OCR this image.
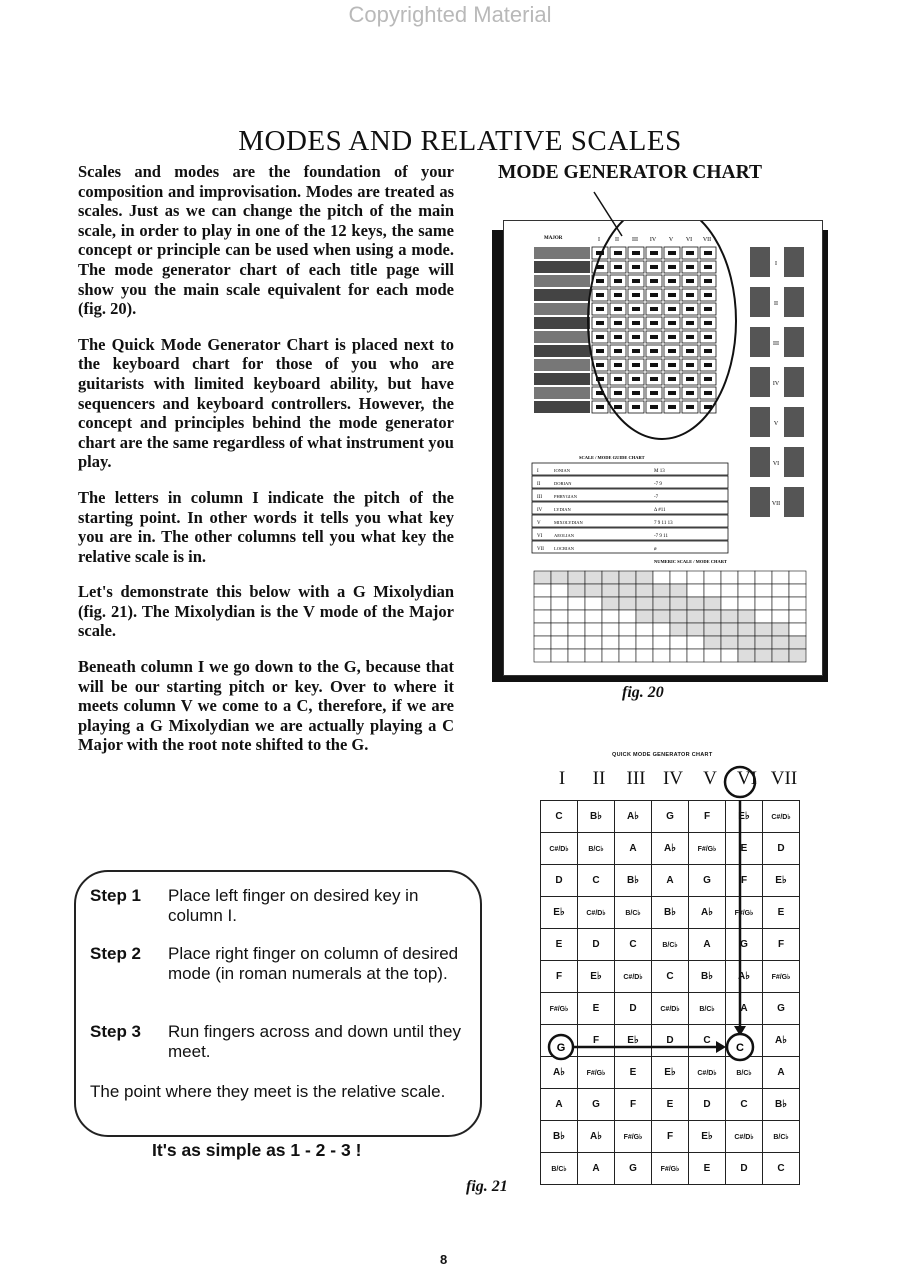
Copyrighted Material
MODES AND RELATIVE SCALES

Scales and modes are the foundation of your composition and improvisation. Modes are treated as scales. Just as we can change the pitch of the main scale, in order to play in one of the 12 keys, the same concept or principle can be used when using a mode. The mode generator chart of each title page will show you the main scale equivalent for each mode (fig. 20).

The Quick Mode Generator Chart is placed next to the keyboard chart for those of you who are guitarists with limited keyboard ability, but have sequencers and keyboard controllers. However, the concept and principles behind the mode generator chart are the same regardless of what instrument you play.

The letters in column I indicate the pitch of the starting point. In other words it tells you what key you are in. The other columns tell you what key the relative scale is in.

Let's demonstrate this below with a G Mixolydian (fig. 21). The Mixolydian is the V mode of the Major scale.

Beneath column I we go down to the G, because that will be our starting pitch or key. Over to where it meets column V we come to a C, therefore, if we are playing a G Mixolydian we are actually playing a C Major with the root note shifted to the G.

MODE GENERATOR CHART
MAJOR	I	II III IV V VI VII
SCALE / MODE GUIDE CHART
I	IONIAN	M 13
II	DORIAN	-7 9
III	PHRYGIAN	-7
IV	LYDIAN	Δ #11
V	MIXOLYDIAN	7 9 11 13
VI	AEOLIAN	-7 9 11
VII LOCRIAN	ø
NUMERIC SCALE / MODE CHART
I
II
III
IV
V
VI
VII
fig. 20
Step 1 Place left finger on desired key in column I.
Step 2 Place right finger on column of desired mode (in roman numerals at the top).
Step 3 Run fingers across and down until they meet.
The point where they meet is the relative scale.
It's as simple as 1 - 2 - 3 !
QUICK MODE GENERATOR CHART
I	II	III IV	V	VI VII
C	B♭	A♭	G	F	E♭	C#/D♭
C#/D♭	B/C♭	A	A♭	F#/G♭	E	D
D	C	B♭	A	G	F	E♭
E♭	C#/D♭	B/C♭	B♭	A♭	F#/G♭	E
E	D	C	B/C♭	A	G	F
F	E♭	C#/D♭	C	B♭	A♭	F#/G♭
F#/G♭	E	D	C#/D♭	B/C♭	A	G
	F	E♭	D	C		A♭
A♭	F#/G♭	E	E♭	C#/D♭	B/C♭	A
A	G	F	E	D	C	B♭
B♭	A♭	F#/G♭	F	E♭	C#/D♭	B/C♭
B/C♭	A	G	F#/G♭	E	D	C
G	C
fig. 21
8
